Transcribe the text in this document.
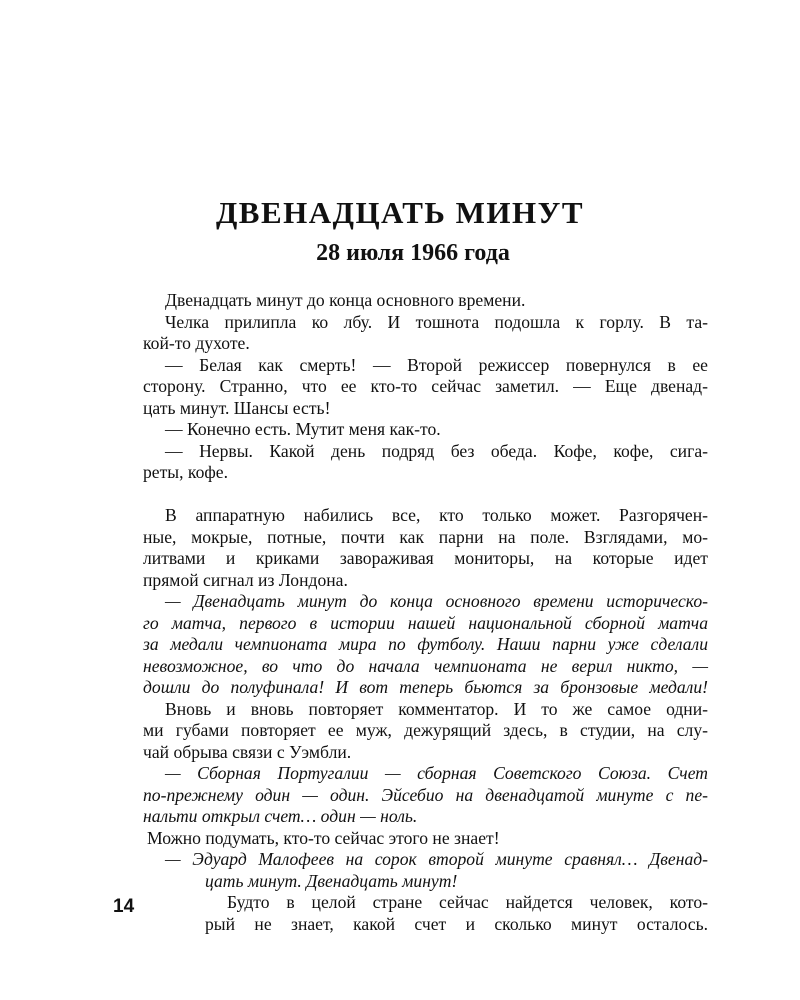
ДВЕНАДЦАТЬ МИНУТ
28 июля 1966 года
Двенадцать минут до конца основного времени.
Челка прилипла ко лбу. И тошнота подошла к горлу. В та-
кой-то духоте.
— Белая как смерть! — Второй режиссер повернулся в ее
сторону. Странно, что ее кто-то сейчас заметил. — Еще двенад-
цать минут. Шансы есть!
— Конечно есть. Мутит меня как-то.
— Нервы. Какой день подряд без обеда. Кофе, кофе, сига-
реты, кофе.
В аппаратную набились все, кто только может. Разгорячен-
ные, мокрые, потные, почти как парни на поле. Взглядами, мо-
литвами и криками завораживая мониторы, на которые идет
прямой сигнал из Лондона.
— Двенадцать минут до конца основного времени историческо-
го матча, первого в истории нашей национальной сборной матча
за медали чемпионата мира по футболу. Наши парни уже сделали
невозможное, во что до начала чемпионата не верил никто, —
дошли до полуфинала! И вот теперь бьются за бронзовые медали!
Вновь и вновь повторяет комментатор. И то же самое одни-
ми губами повторяет ее муж, дежурящий здесь, в студии, на слу-
чай обрыва связи с Уэмбли.
— Сборная Португалии — сборная Советского Союза. Счет
по-прежнему один — один. Эйсебио на двенадцатой минуте с пе-
нальти открыл счет… один — ноль.
Можно подумать, кто-то сейчас этого не знает!
— Эдуард Малофеев на сорок второй минуте сравнял… Двенад-
цать минут. Двенадцать минут!
Будто в целой стране сейчас найдется человек, кото-
рый не знает, какой счет и сколько минут осталось.
14
